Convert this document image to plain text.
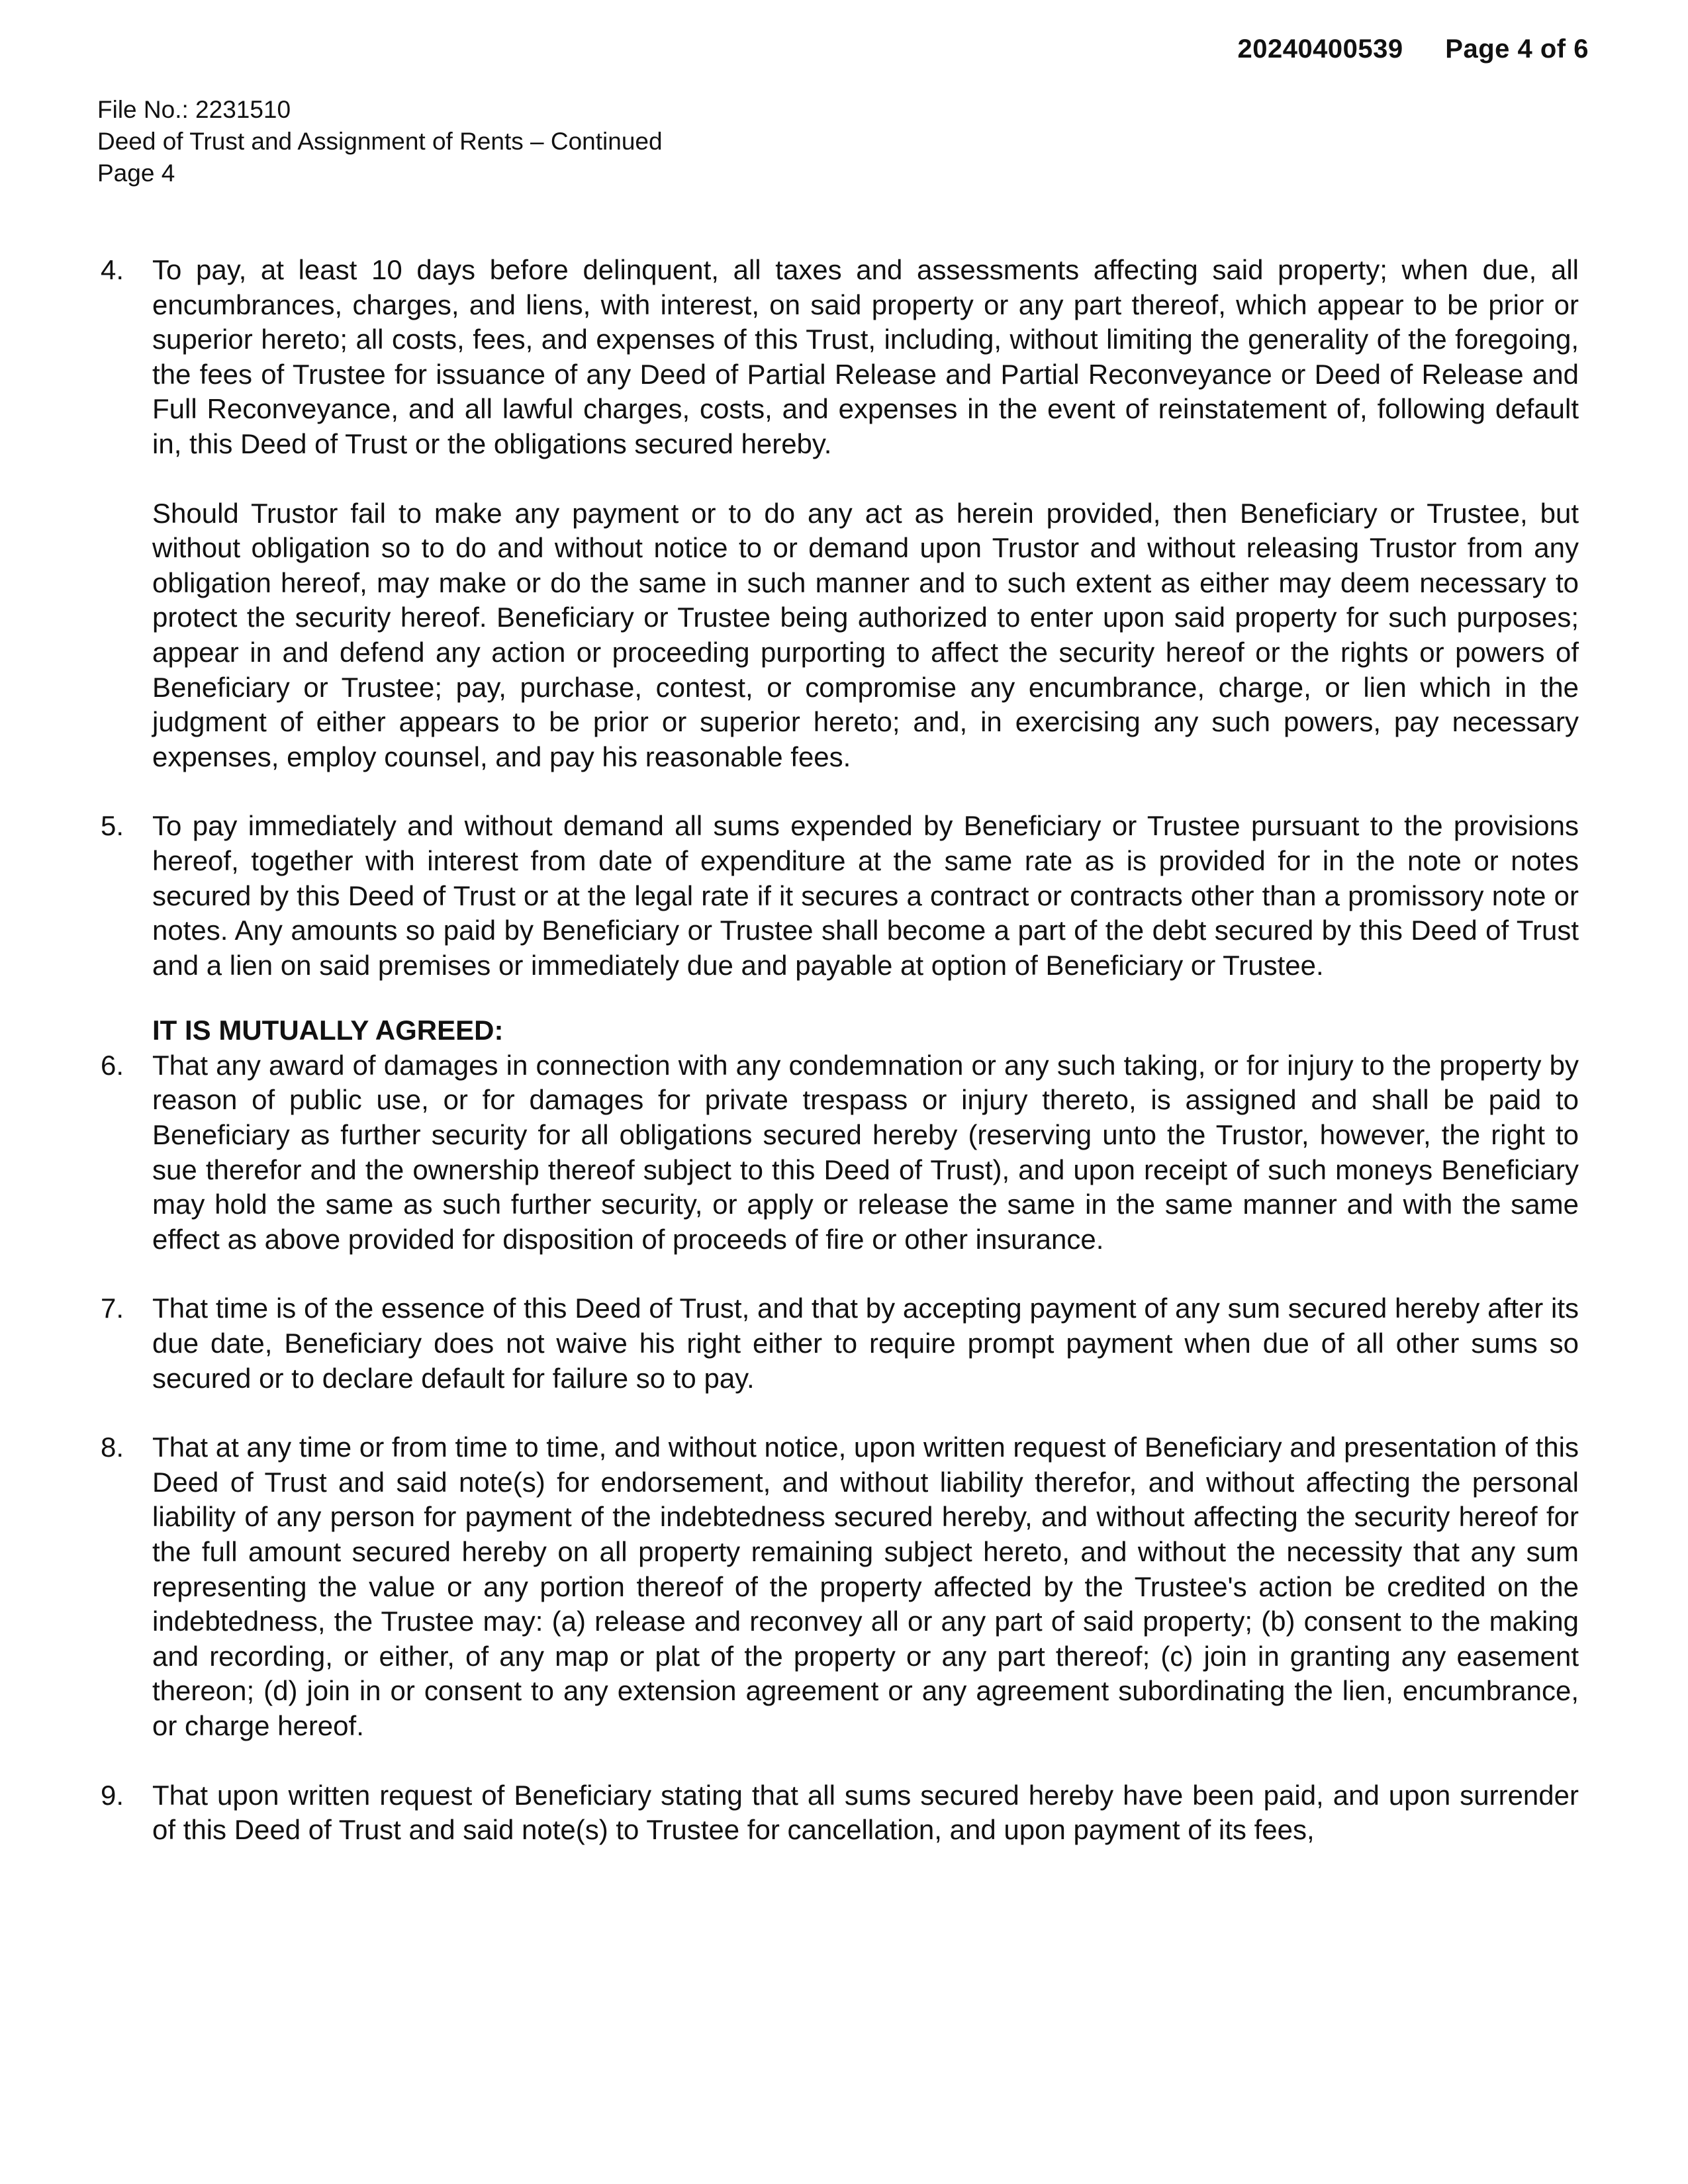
20240400539 Page 4 of 6
File No.: 2231510
Deed of Trust and Assignment of Rents – Continued
Page 4
4.	To pay, at least 10 days before delinquent, all taxes and assessments affecting said property; when due, all encumbrances, charges, and liens, with interest, on said property or any part thereof, which appear to be prior or superior hereto; all costs, fees, and expenses of this Trust, including, without limiting the generality of the foregoing, the fees of Trustee for issuance of any Deed of Partial Release and Partial Reconveyance or Deed of Release and Full Reconveyance, and all lawful charges, costs, and expenses in the event of reinstatement of, following default in, this Deed of Trust or the obligations secured hereby.

Should Trustor fail to make any payment or to do any act as herein provided, then Beneficiary or Trustee, but without obligation so to do and without notice to or demand upon Trustor and without releasing Trustor from any obligation hereof, may make or do the same in such manner and to such extent as either may deem necessary to protect the security hereof. Beneficiary or Trustee being authorized to enter upon said property for such purposes; appear in and defend any action or proceeding purporting to affect the security hereof or the rights or powers of Beneficiary or Trustee; pay, purchase, contest, or compromise any encumbrance, charge, or lien which in the judgment of either appears to be prior or superior hereto; and, in exercising any such powers, pay necessary expenses, employ counsel, and pay his reasonable fees.

5.	To pay immediately and without demand all sums expended by Beneficiary or Trustee pursuant to the provisions hereof, together with interest from date of expenditure at the same rate as is provided for in the note or notes secured by this Deed of Trust or at the legal rate if it secures a contract or contracts other than a promissory note or notes. Any amounts so paid by Beneficiary or Trustee shall become a part of the debt secured by this Deed of Trust and a lien on said premises or immediately due and payable at option of Beneficiary or Trustee.

IT IS MUTUALLY AGREED:
6.	That any award of damages in connection with any condemnation or any such taking, or for injury to the property by reason of public use, or for damages for private trespass or injury thereto, is assigned and shall be paid to Beneficiary as further security for all obligations secured hereby (reserving unto the Trustor, however, the right to sue therefor and the ownership thereof subject to this Deed of Trust), and upon receipt of such moneys Beneficiary may hold the same as such further security, or apply or release the same in the same manner and with the same effect as above provided for disposition of proceeds of fire or other insurance.

7.	That time is of the essence of this Deed of Trust, and that by accepting payment of any sum secured hereby after its due date, Beneficiary does not waive his right either to require prompt payment when due of all other sums so secured or to declare default for failure so to pay.

8.	That at any time or from time to time, and without notice, upon written request of Beneficiary and presentation of this Deed of Trust and said note(s) for endorsement, and without liability therefor, and without affecting the personal liability of any person for payment of the indebtedness secured hereby, and without affecting the security hereof for the full amount secured hereby on all property remaining subject hereto, and without the necessity that any sum representing the value or any portion thereof of the property affected by the Trustee's action be credited on the indebtedness, the Trustee may: (a) release and reconvey all or any part of said property; (b) consent to the making and recording, or either, of any map or plat of the property or any part thereof; (c) join in granting any easement thereon; (d) join in or consent to any extension agreement or any agreement subordinating the lien, encumbrance, or charge hereof.

9.	That upon written request of Beneficiary stating that all sums secured hereby have been paid, and upon surrender of this Deed of Trust and said note(s) to Trustee for cancellation, and upon payment of its fees,
